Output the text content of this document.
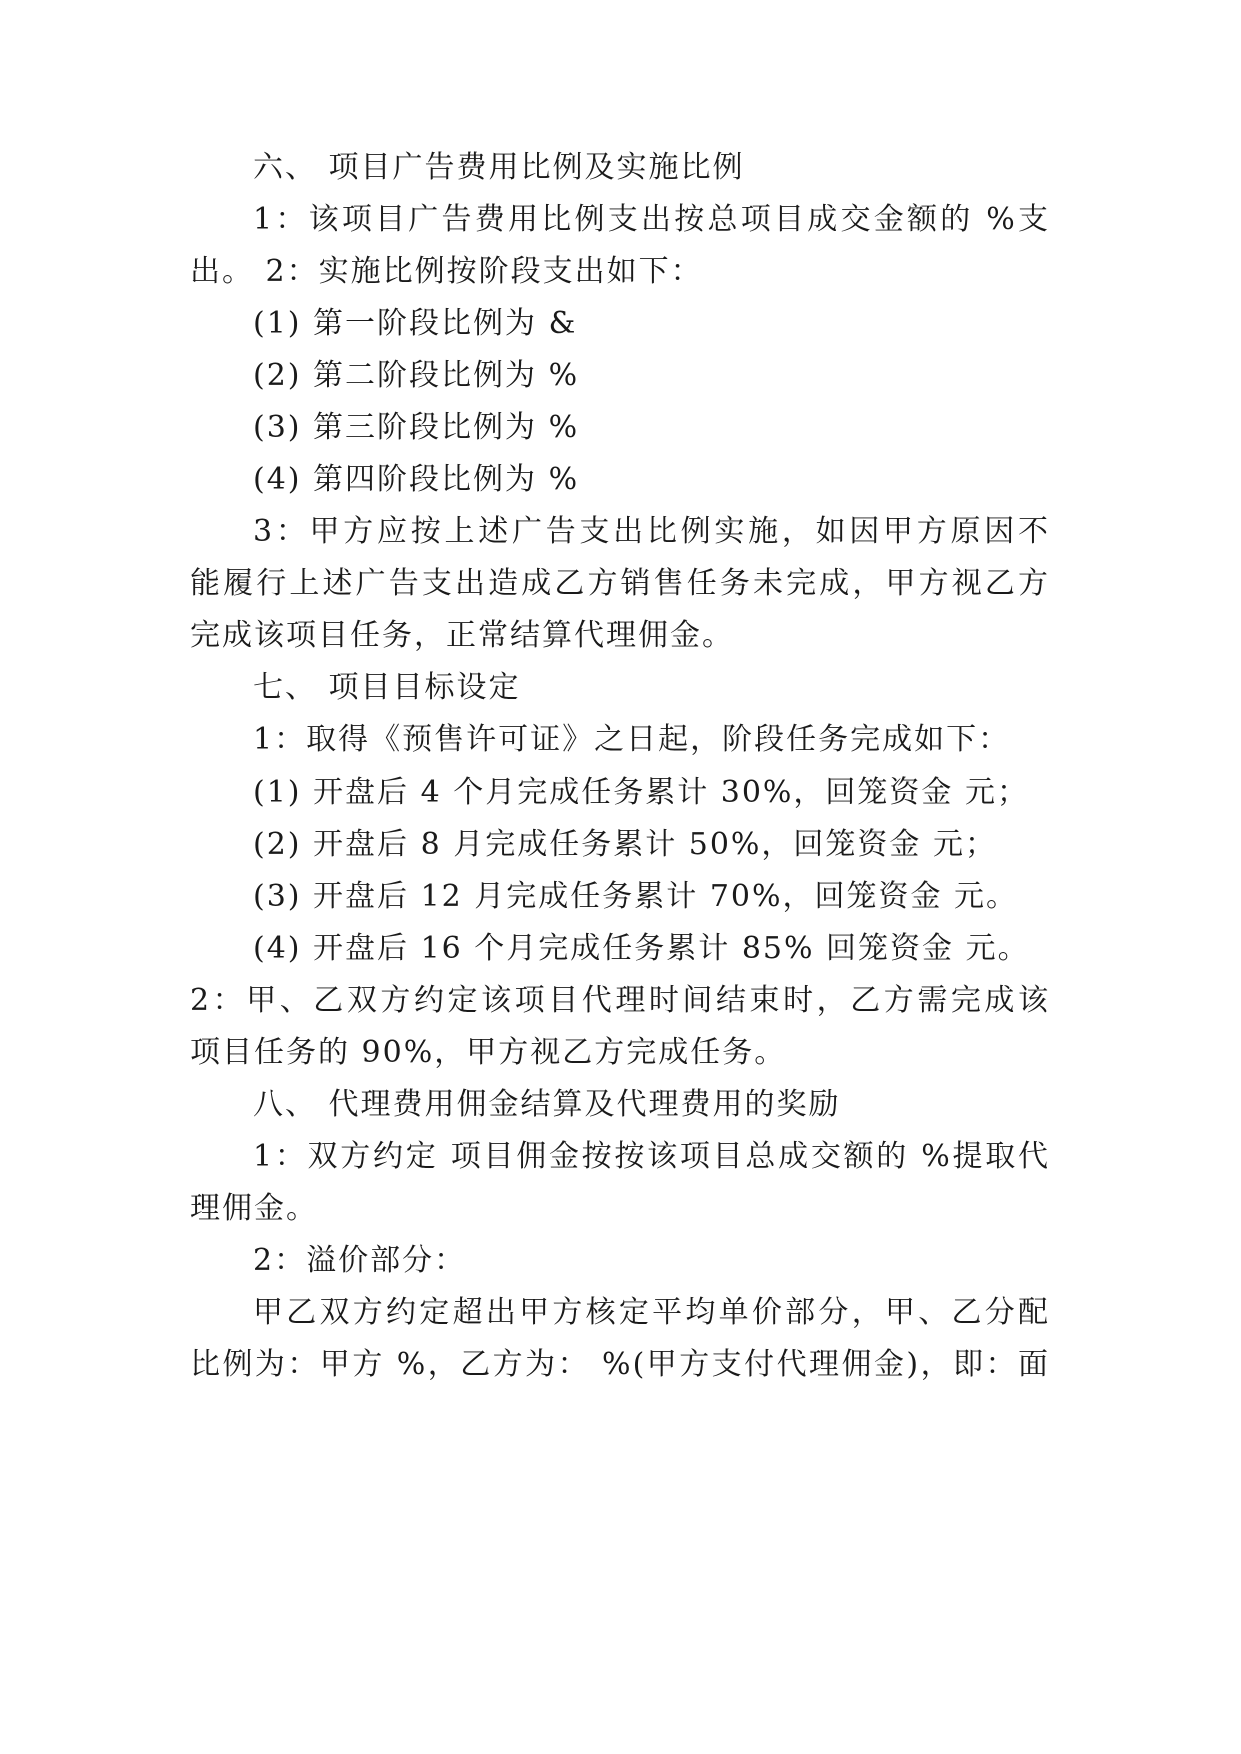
六、 项目广告费用比例及实施比例
1：该项目广告费用比例支出按总项目成交金额的 %支
出。 2：实施比例按阶段支出如下：
(1) 第一阶段比例为 &
(2) 第二阶段比例为 %
(3) 第三阶段比例为 %
(4) 第四阶段比例为 %
3：甲方应按上述广告支出比例实施，如因甲方原因不
能履行上述广告支出造成乙方销售任务未完成，甲方视乙方
完成该项目任务，正常结算代理佣金。
七、 项目目标设定
1：取得《预售许可证》之日起，阶段任务完成如下：
(1) 开盘后 4 个月完成任务累计 30%，回笼资金 元；
(2) 开盘后 8 月完成任务累计 50%，回笼资金 元；
(3) 开盘后 12 月完成任务累计 70%，回笼资金 元。
(4) 开盘后 16 个月完成任务累计 85% 回笼资金 元。
2：甲、乙双方约定该项目代理时间结束时，乙方需完成该
项目任务的 90%，甲方视乙方完成任务。
八、 代理费用佣金结算及代理费用的奖励
1：双方约定 项目佣金按按该项目总成交额的 %提取代
理佣金。
2：溢价部分：
甲乙双方约定超出甲方核定平均单价部分，甲、乙分配
比例为：甲方 %，乙方为： %(甲方支付代理佣金)，即：面
